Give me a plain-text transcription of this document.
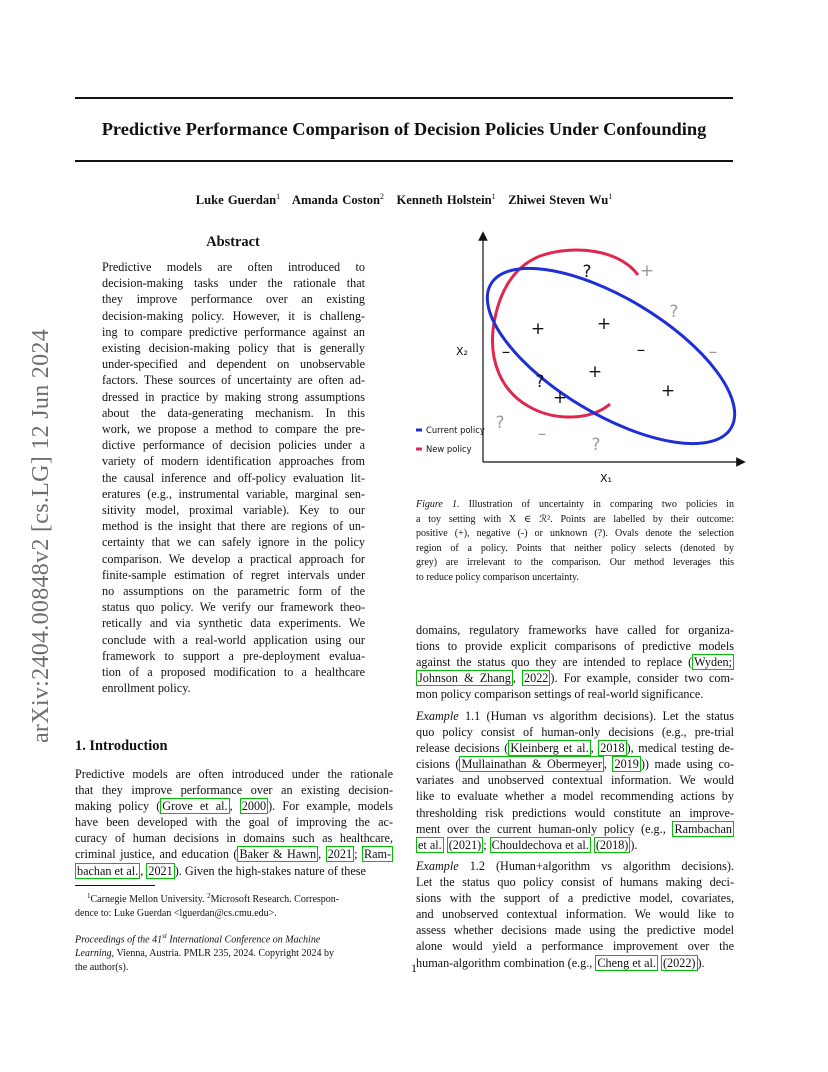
arXiv:2404.00848v2 [cs.LG] 12 Jun 2024
Predictive Performance Comparison of Decision Policies Under Confounding
Luke Guerdan$^1$ Amanda Coston$^2$ Kenneth Holstein$^1$ Zhiwei Steven Wu$^1$
Abstract
Predictive models are often introduced to
decision-making tasks under the rationale that
they improve performance over an existing
decision-making policy. However, it is challeng-
ing to compare predictive performance against an
existing decision-making policy that is generally
under-specified and dependent on unobservable
factors. These sources of uncertainty are often ad-
dressed in practice by making strong assumptions
about the data-generating mechanism. In this
work, we propose a method to compare the pre-
dictive performance of decision policies under a
variety of modern identification approaches from
the causal inference and off-policy evaluation lit-
eratures (e.g., instrumental variable, marginal sen-
sitivity model, proximal variable). Key to our
method is the insight that there are regions of un-
certainty that we can safely ignore in the policy
comparison. We develop a practical approach for
finite-sample estimation of regret intervals under
no assumptions on the parametric form of the
status quo policy. We verify our framework theo-
retically and via synthetic data experiments. We
conclude with a real-world application using our
framework to support a pre-deployment evalua-
tion of a proposed modification to a healthcare
enrollment policy.
1. Introduction
Predictive models are often introduced under the rationale
that they improve performance over an existing decision-
making policy ( Grove et al. , 2000 ). For example, models
have been developed with the goal of improving the ac-
curacy of human decisions in domains such as healthcare,
criminal justice, and education ( Baker & Hawn , 2021 ; Ram-
bachan et al. , 2021 ). Given the high-stakes nature of these
$^1$Carnegie Mellon University. $^2$Microsoft Research. Correspon-
dence to: Luke Guerdan <lguerdan@cs.cmu.edu>.
Proceedings of the 41st International Conference on Machine
Learning, Vienna, Austria. PMLR 235, 2024. Copyright 2024 by
the author(s).
X₂
X₁
Current policy
New policy
?	+
?
+
+
–	–	–
+
?
+	+
?
–
?
Figure 1. Illustration of uncertainty in comparing two policies in
a toy setting with X ∈ ℛ². Points are labelled by their outcome:
positive (+), negative (-) or unknown (?). Ovals denote the selection
region of a policy. Points that neither policy selects (denoted by
grey) are irrelevant to the comparison. Our method leverages this
to reduce policy comparison uncertainty.
domains, regulatory frameworks have called for organiza-
tions to provide explicit comparisons of predictive models
against the status quo they are intended to replace ( Wyden;
Johnson & Zhang , 2022 ). For example, consider two com-
mon policy comparison settings of real-world significance.
Example 1.1 (Human vs algorithm decisions). Let the status
quo policy consist of human-only decisions (e.g., pre-trial
release decisions ( Kleinberg et al. , 2018 ), medical testing de-
cisions ( Mullainathan & Obermeyer , 2019 )) made using co-
variates and unobserved contextual information. We would
like to evaluate whether a model recommending actions by
thresholding risk predictions would constitute an improve-
ment over the current human-only policy (e.g., Rambachan
et al. (2021) ; Chouldechova et al. (2018) ).
Example 1.2 (Human+algorithm vs algorithm decisions).
Let the status quo policy consist of humans making deci-
sions with the support of a predictive model, covariates,
and unobserved contextual information. We would like to
assess whether decisions made using the predictive model
alone would yield a performance improvement over the
human-algorithm combination (e.g., Cheng et al. (2022) ).
1
